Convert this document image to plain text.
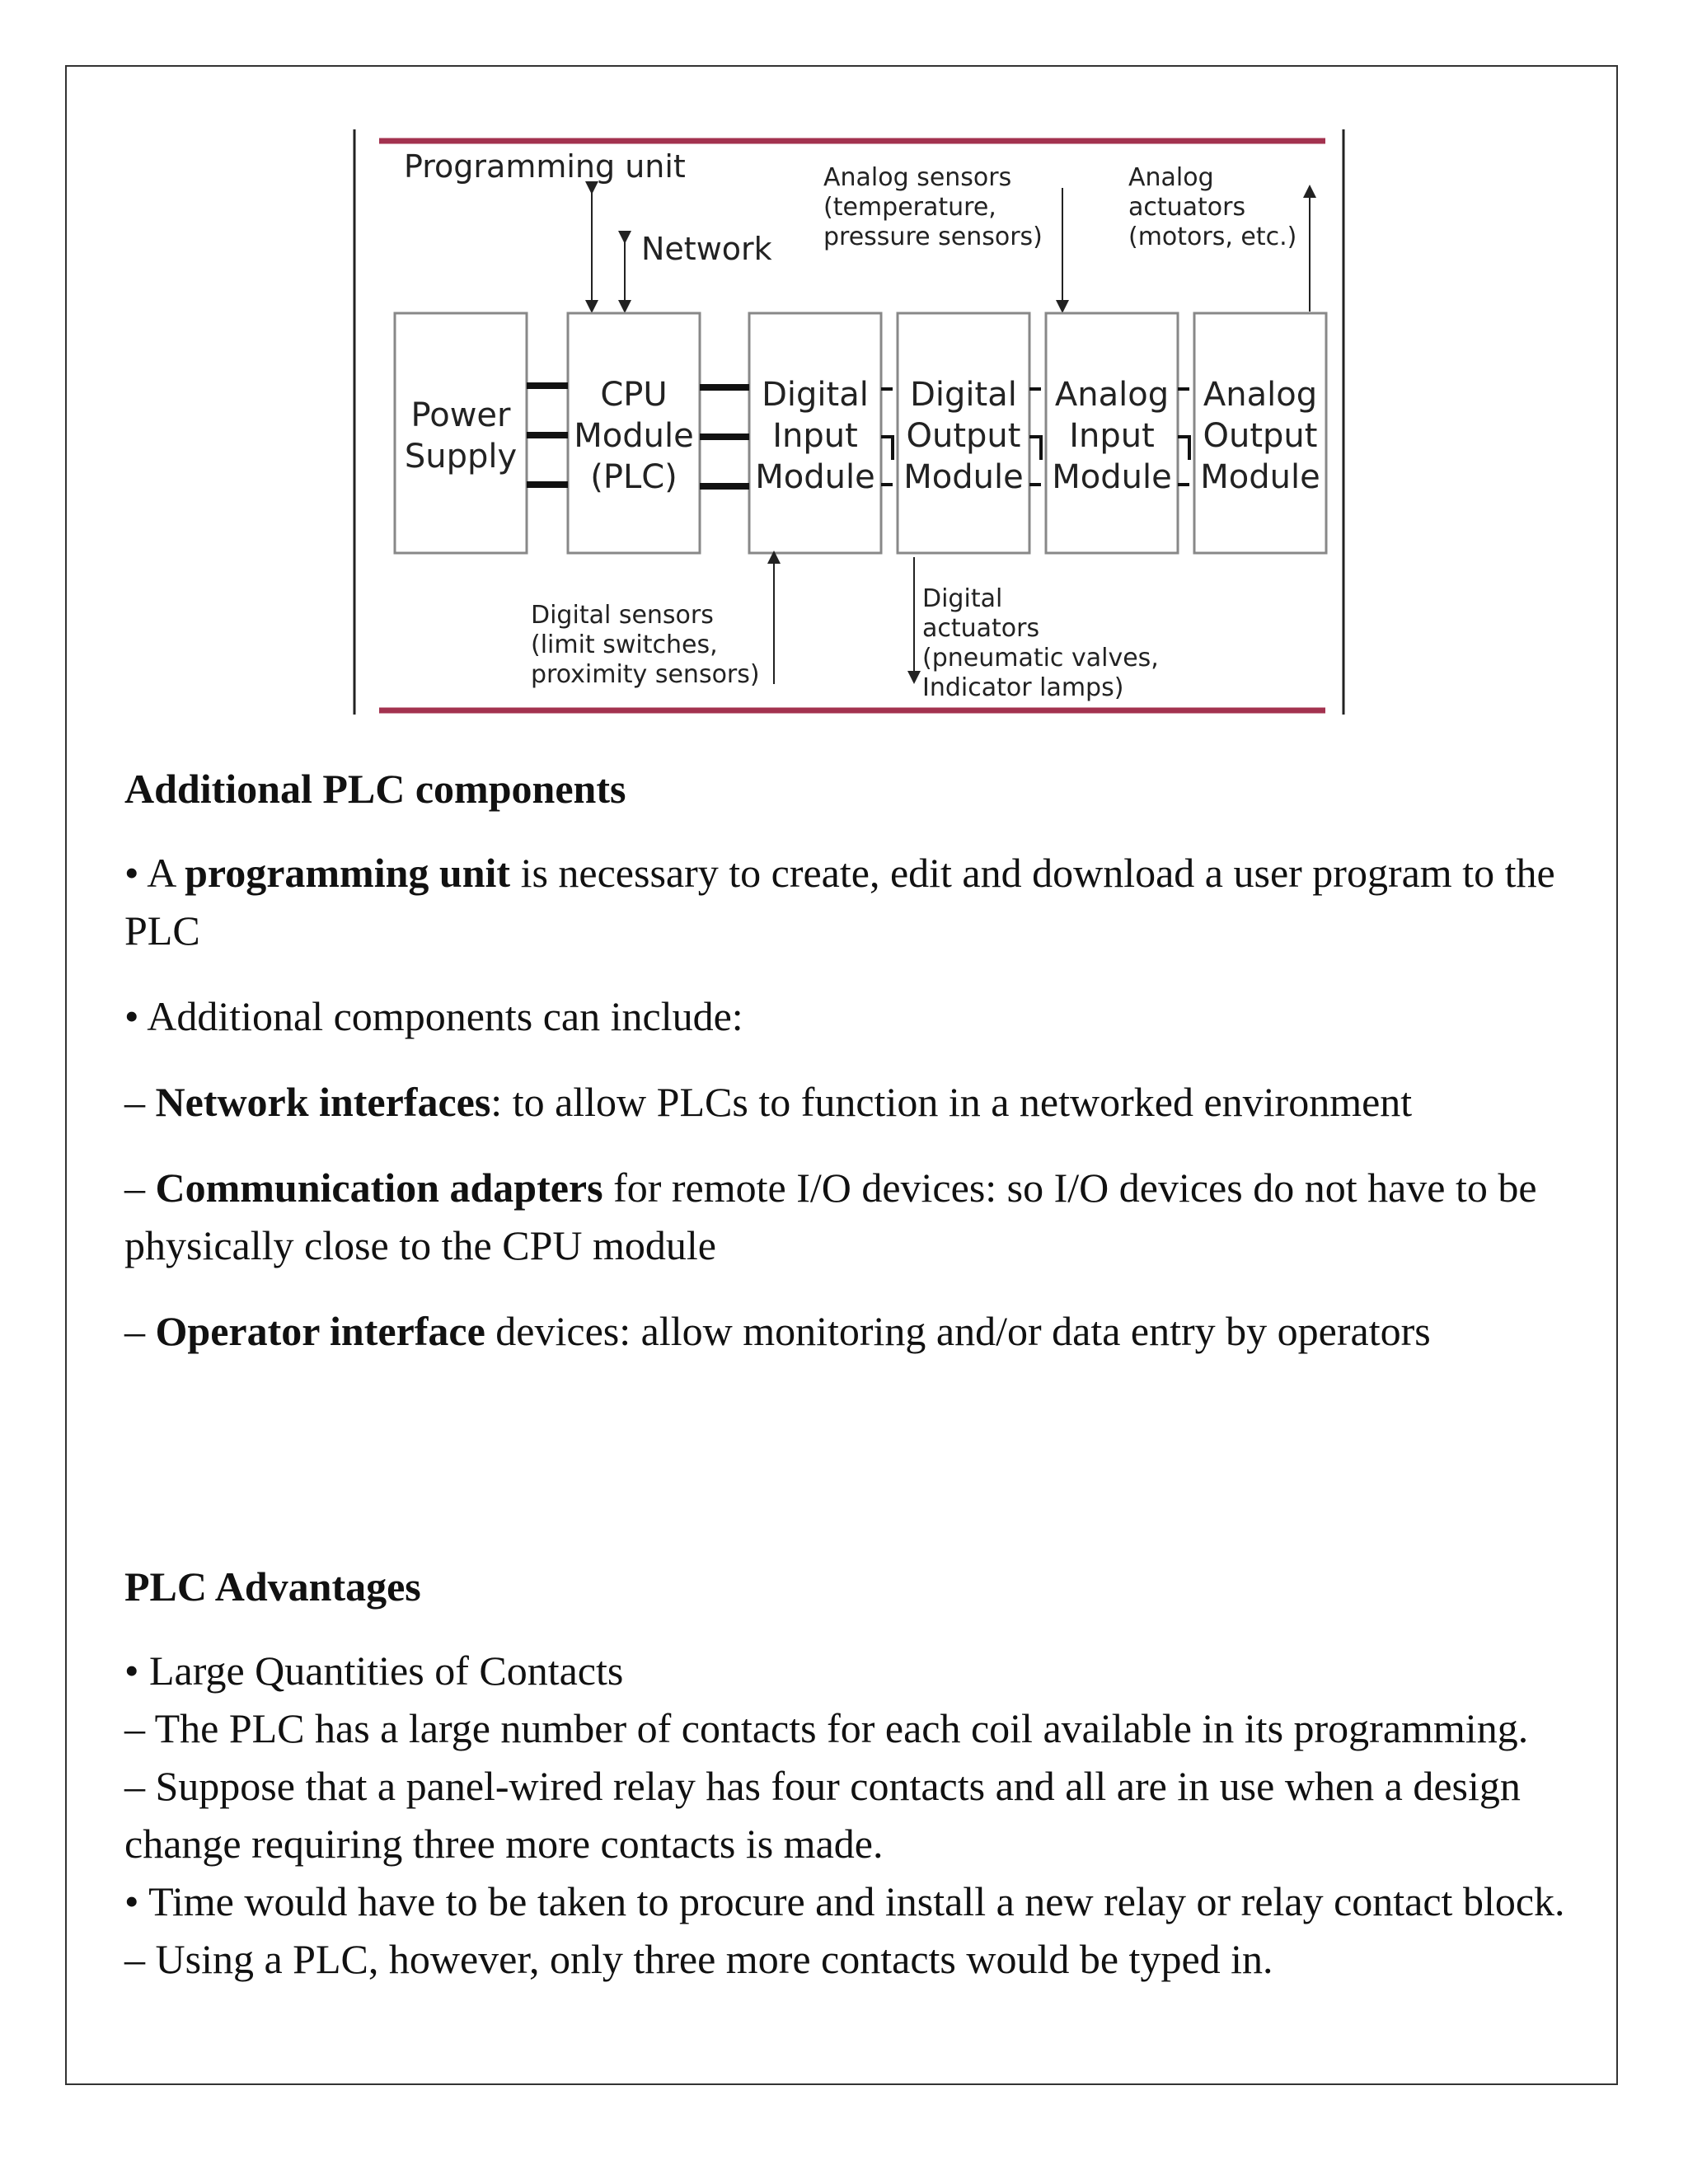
Programming unit
Network
Analog sensors
(temperature,
pressure sensors)
Analog
actuators
(motors, etc.)
Power
Supply
CPU
Module
(PLC)
Digital
Input
Module
Digital
Output
Module
Analog
Input
Module
Analog
Output
Module
Digital sensors
(limit switches,
proximity sensors)
Digital
actuators
(pneumatic valves,
Indicator lamps)

Additional PLC components

• A programming unit is necessary to create, edit and download a user program to the PLC

• Additional components can include:

– Network interfaces: to allow PLCs to function in a networked environment

– Communication adapters for remote I/O devices: so I/O devices do not have to be physically close to the CPU module

– Operator interface devices: allow monitoring and/or data entry by operators

PLC Advantages

• Large Quantities of Contacts

– The PLC has a large number of contacts for each coil available in its programming.

– Suppose that a panel-wired relay has four contacts and all are in use when a design change requiring three more contacts is made.

• Time would have to be taken to procure and install a new relay or relay contact block.

– Using a PLC, however, only three more contacts would be typed in.
